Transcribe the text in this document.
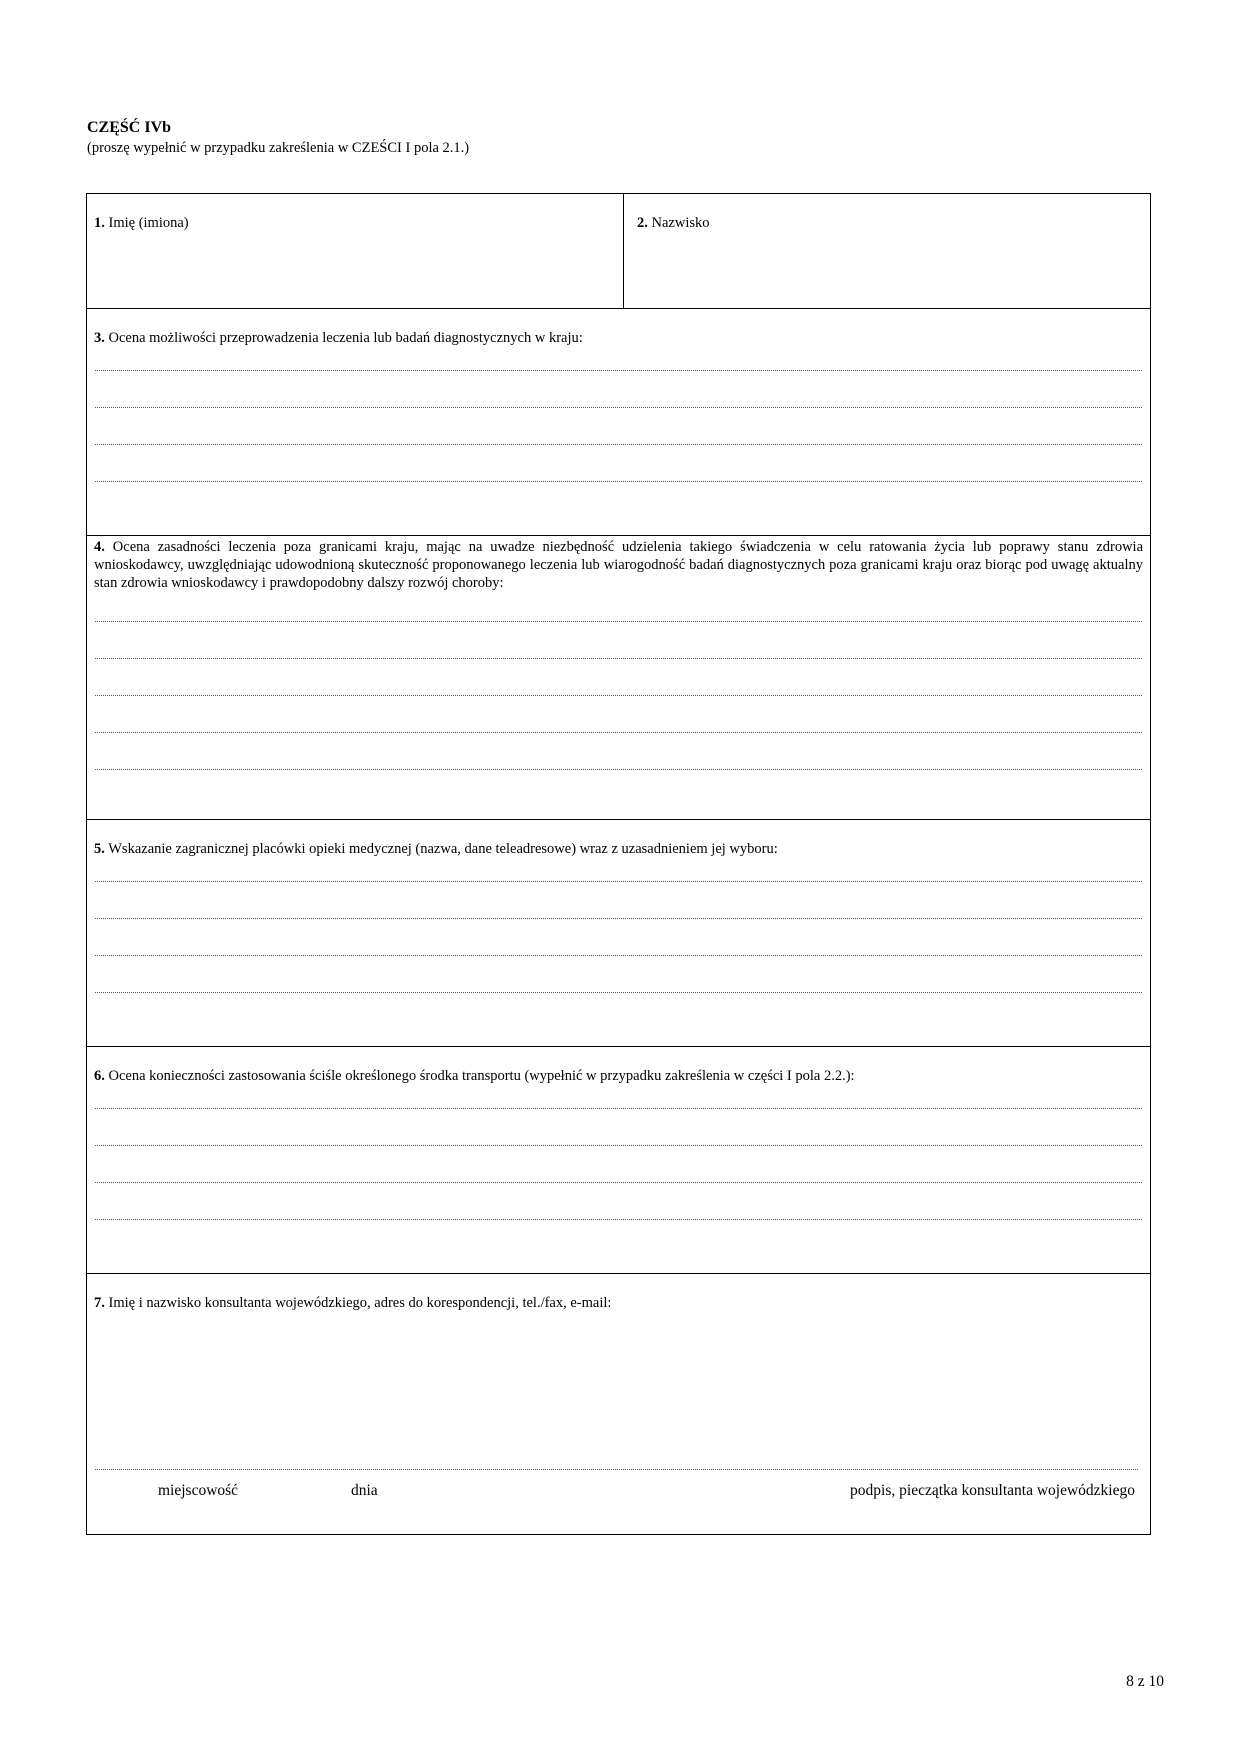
CZĘŚĆ IVb
(proszę wypełnić w przypadku zakreślenia w CZEŚCI I pola 2.1.)
1. Imię (imiona)	2. Nazwisko
3. Ocena możliwości przeprowadzenia leczenia lub badań diagnostycznych w kraju:
4. Ocena zasadności leczenia poza granicami kraju, mając na uwadze niezbędność udzielenia takiego świadczenia w celu ratowania życia lub poprawy stanu zdrowia wnioskodawcy, uwzględniając udowodnioną skuteczność proponowanego leczenia lub wiarogodność badań diagnostycznych poza granicami kraju oraz biorąc pod uwagę aktualny stan zdrowia wnioskodawcy i prawdopodobny dalszy rozwój choroby:
5. Wskazanie zagranicznej placówki opieki medycznej (nazwa, dane teleadresowe) wraz z uzasadnieniem jej wyboru:
6. Ocena konieczności zastosowania ściśle określonego środka transportu (wypełnić w przypadku zakreślenia w części I pola 2.2.):
7. Imię i nazwisko konsultanta wojewódzkiego, adres do korespondencji, tel./fax, e-mail:
miejscowość	dnia	podpis, pieczątka konsultanta wojewódzkiego
8 z 10
